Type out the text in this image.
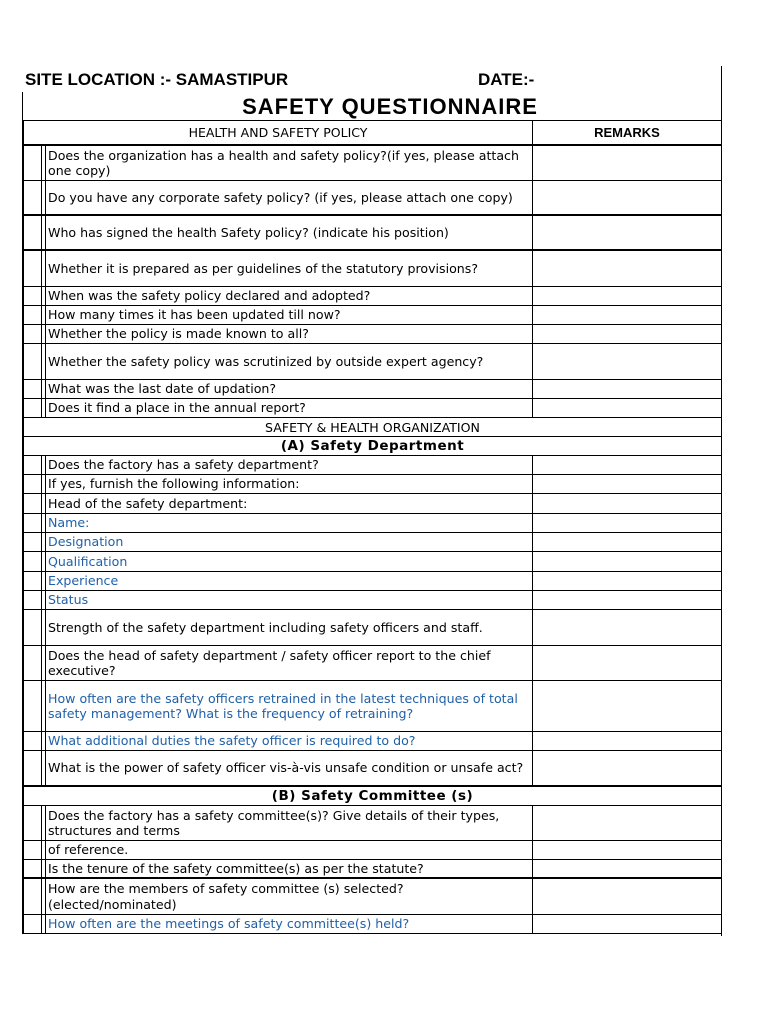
SITE LOCATION :- SAMASTIPUR	DATE:-
SAFETY QUESTIONNAIRE
HEALTH AND SAFETY POLICY	REMARKS
Does the organization has a health and safety policy?(if yes, please attach one copy)
Do you have any corporate safety policy? (if yes, please attach one copy)
Who has signed the health Safety policy? (indicate his position)
Whether it is prepared as per guidelines of the statutory provisions?
When was the safety policy declared and adopted?
How many times it has been updated till now?
Whether the policy is made known to all?
Whether the safety policy was scrutinized by outside expert agency?
What was the last date of updation?
Does it find a place in the annual report?
SAFETY & HEALTH ORGANIZATION
(A) Safety Department
Does the factory has a safety department?
If yes, furnish the following information:
Head of the safety department:
Name:
Designation
Qualification
Experience
Status
Strength of the safety department including safety officers and staff.
Does the head of safety department / safety officer report to the chief executive?
How often are the safety officers retrained in the latest techniques of total safety management? What is the frequency of retraining?
What additional duties the safety officer is required to do?
What is the power of safety officer vis-à-vis unsafe condition or unsafe act?
(B) Safety Committee (s)
Does the factory has a safety committee(s)? Give details of their types, structures and terms
of reference.
Is the tenure of the safety committee(s) as per the statute?
How are the members of safety committee (s) selected? (elected/nominated)
How often are the meetings of safety committee(s) held?
